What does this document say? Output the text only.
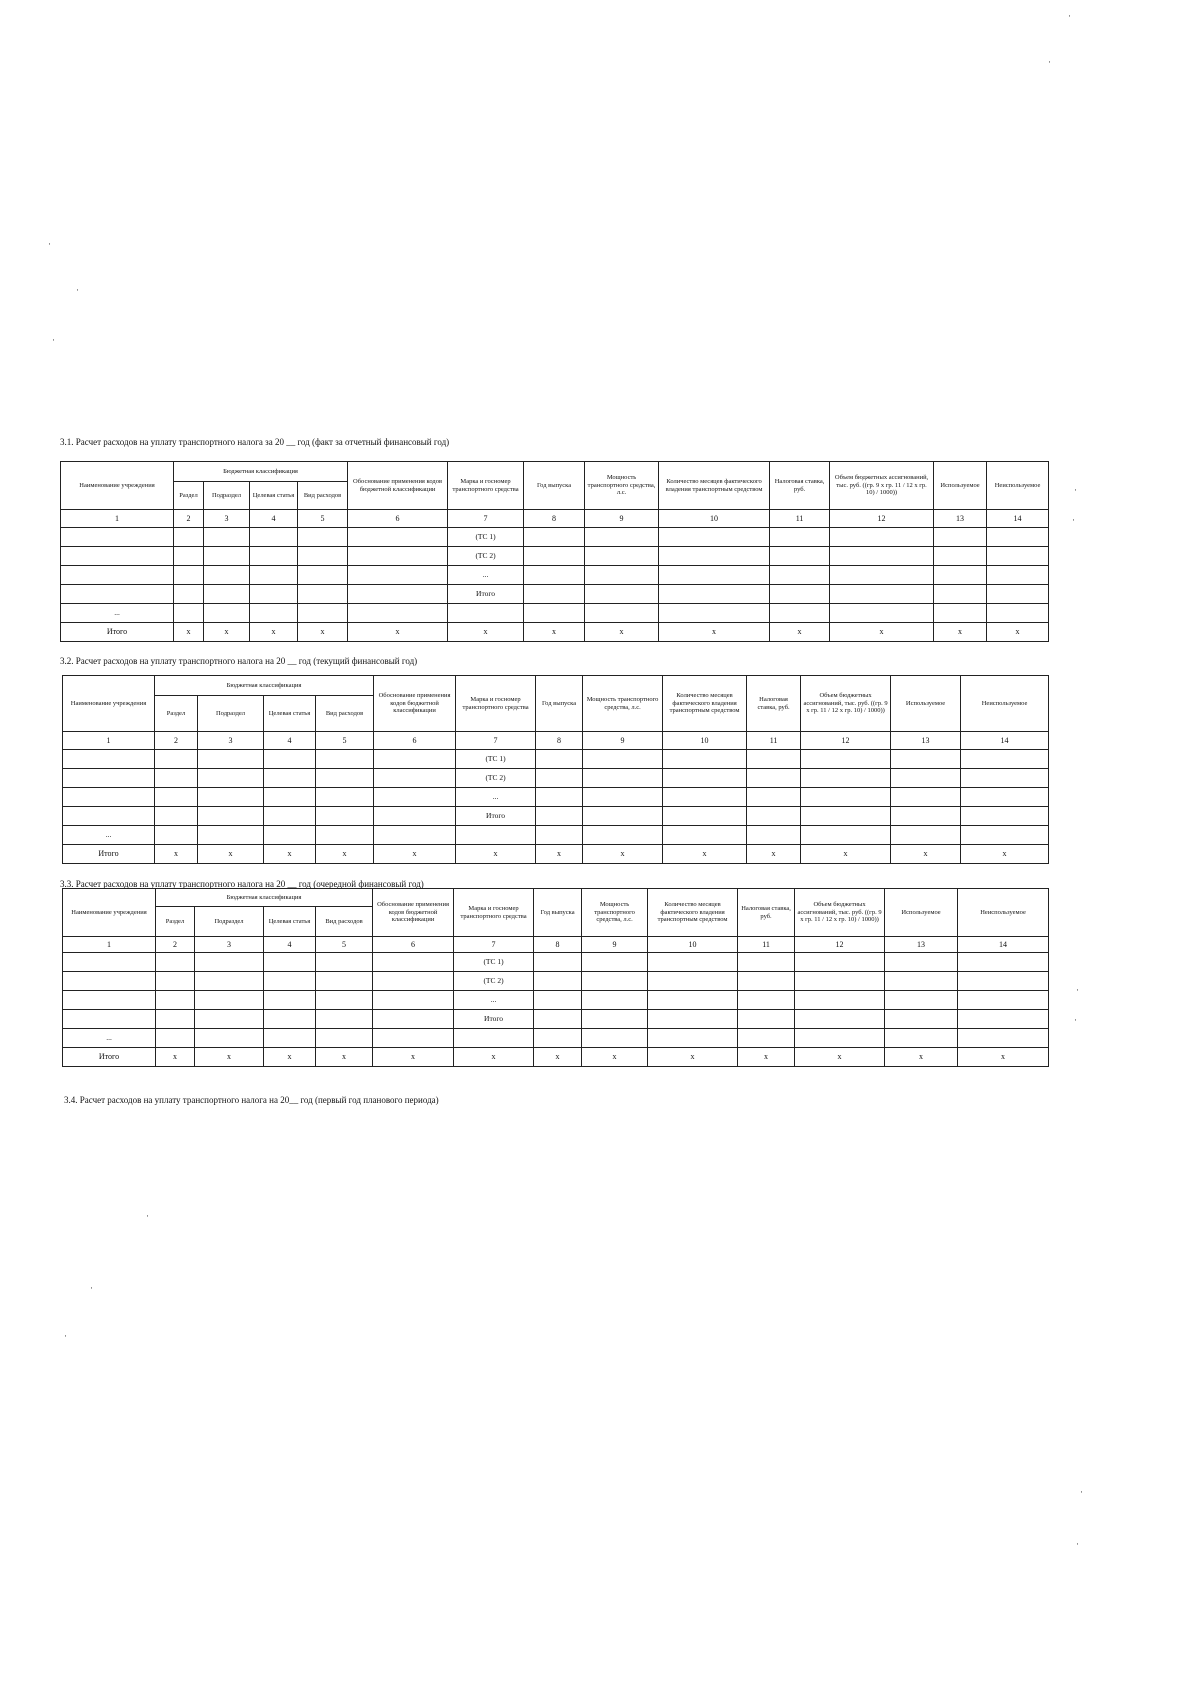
3.1. Расчет расходов на уплату транспортного налога за 20 __ год (факт за отчетный финансовый год)
Наименование учреждения	Бюджетная классификация				Обоснование применения кодов бюджетной классификации	Марка и госномер транспортного средства	Год выпуска	Мощность транспортного средства, л.с.	Количество месяцев фактического владения транспортным средством	Налоговая ставка, руб.	Объем бюджетных ассигнований, тыс. руб. ((гр. 9 х гр. 11 / 12 х гр. 10) / 1000))	Используемое	Неиспользуемое
	Раздел	Подраздел	Целевая статья	Вид расходов									
1	2	3	4	5	6	7	8	9	10	11	12	13	14
						(ТС 1)							
						(ТС 2)							
						...							
						Итого							
...													
Итого	x	x	x	x	x	x	x	x	x	x	x	x	x
3.2. Расчет расходов на уплату транспортного налога на 20 __ год (текущий финансовый год)
Наименование учреждения	Бюджетная классификация				Обоснование применения кодов бюджетной классификации	Марка и госномер транспортного средства	Год выпуска	Мощность транспортного средства, л.с.	Количество месяцев фактического владения транспортным средством	Налоговая ставка, руб.	Объем бюджетных ассигнований, тыс. руб. ((гр. 9 х гр. 11 / 12 х гр. 10) / 1000))	Используемое	Неиспользуемое
	Раздел	Подраздел	Целевая статья	Вид расходов									
1	2	3	4	5	6	7	8	9	10	11	12	13	14
						(ТС 1)							
						(ТС 2)							
						...							
						Итого							
...													
Итого	x	x	x	x	x	x	x	x	x	x	x	x	x
3.3. Расчет расходов на уплату транспортного налога на 20 __ год (очередной финансовый год)
Наименование учреждения	Бюджетная классификация				Обоснование применения кодов бюджетной классификации	Марка и госномер транспортного средства	Год выпуска	Мощность транспортного средства, л.с.	Количество месяцев фактического владения транспортным средством	Налоговая ставка, руб.	Объем бюджетных ассигнований, тыс. руб. ((гр. 9 х гр. 11 / 12 х гр. 10) / 1000))	Используемое	Неиспользуемое
	Раздел	Подраздел	Целевая статья	Вид расходов									
1	2	3	4	5	6	7	8	9	10	11	12	13	14
						(ТС 1)							
						(ТС 2)							
						...							
						Итого							
...													
Итого	x	x	x	x	x	x	x	x	x	x	x	x	x
3.4. Расчет расходов на уплату транспортного налога на 20__ год (первый год планового периода)
·
·
·
·
·
·
·
·
·
·
·
·
·
·
